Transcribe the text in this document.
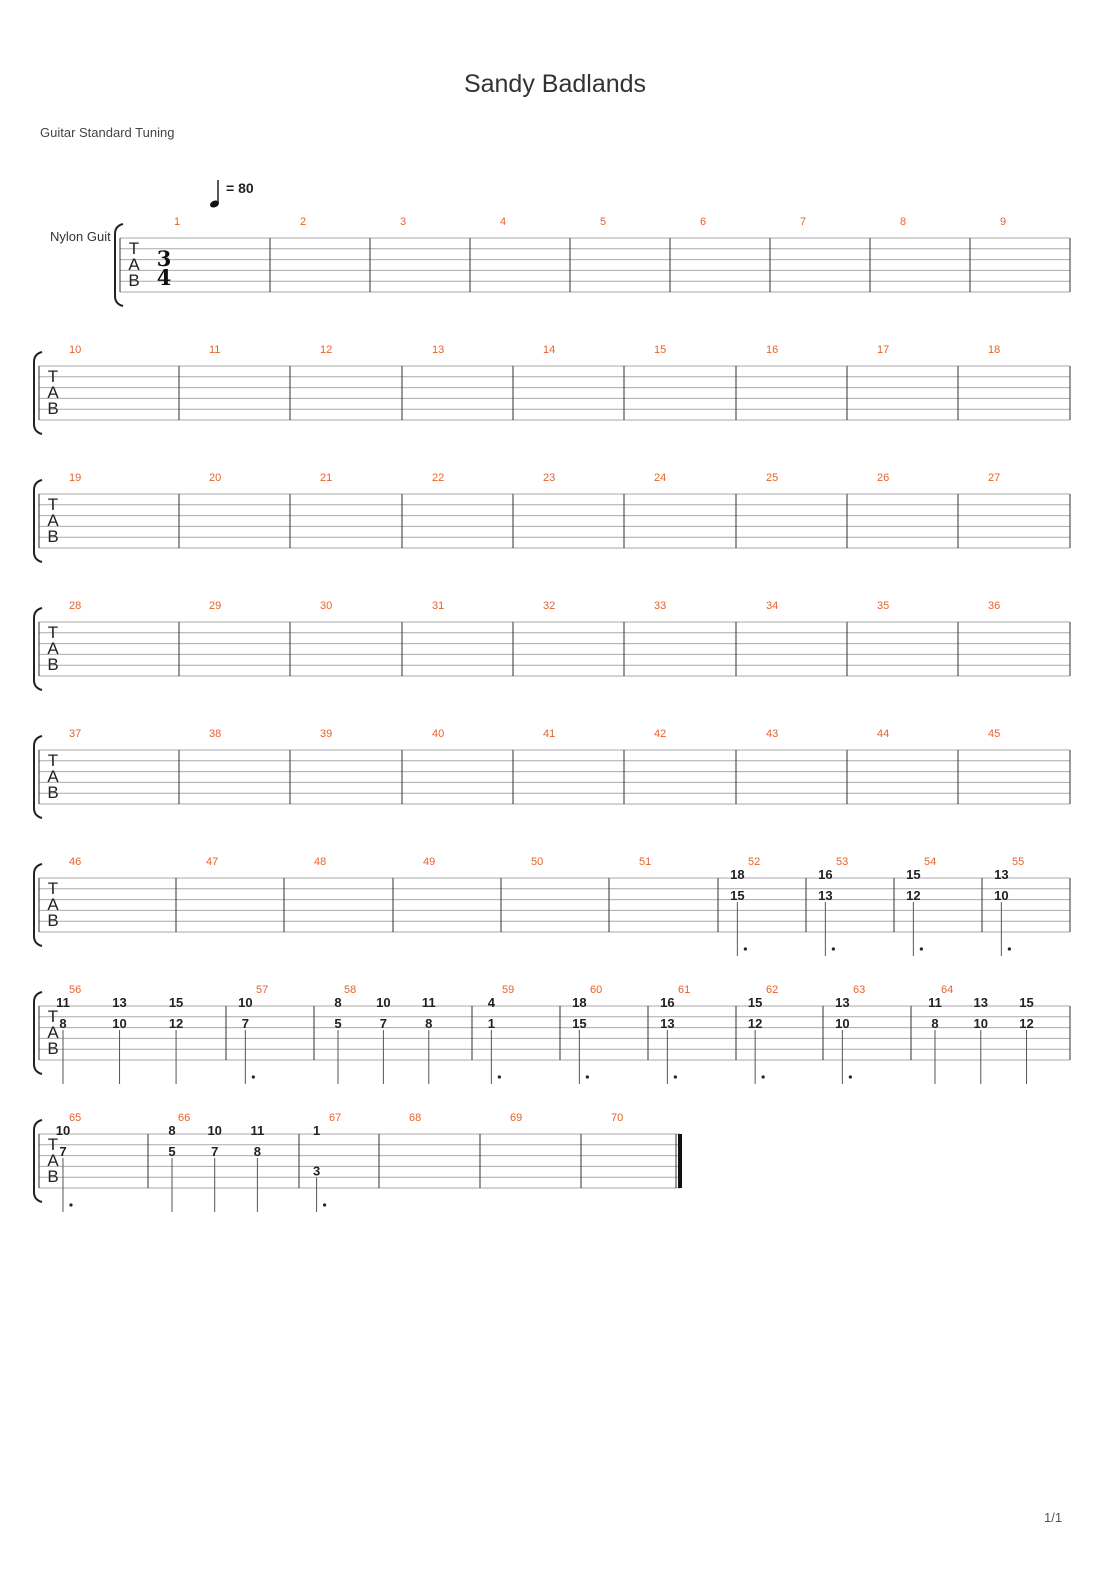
Sandy Badlands
Guitar Standard Tuning
= 80
Nylon Guit
T
A
B
3
4
1	2	3	4	5	6	7	8	9
T
A
B
10	11	12	13	14	15	16	17	18
T
A
B
19	20	21	22	23	24	25	26	27
T
A
B
28	29	30	31	32	33	34	35	36
T
A
B
37	38	39	40	41	42	43	44	45
T
A
B
46	47	48	49	50	51	52
18
15
53
16
13
54
15
12
55
13
10
T
A
B
56
11
8
13
10
15
12
57
10
7
58
8
5
10
7
11
8
59
4
1
60
18
15
61
16
13
62
15
12
63
13
10
64
11
8
13
10
15
12
T
A
B
65
10
7
66
8
5
10
7
11
8
67
1
3
68	69	70
1/1
